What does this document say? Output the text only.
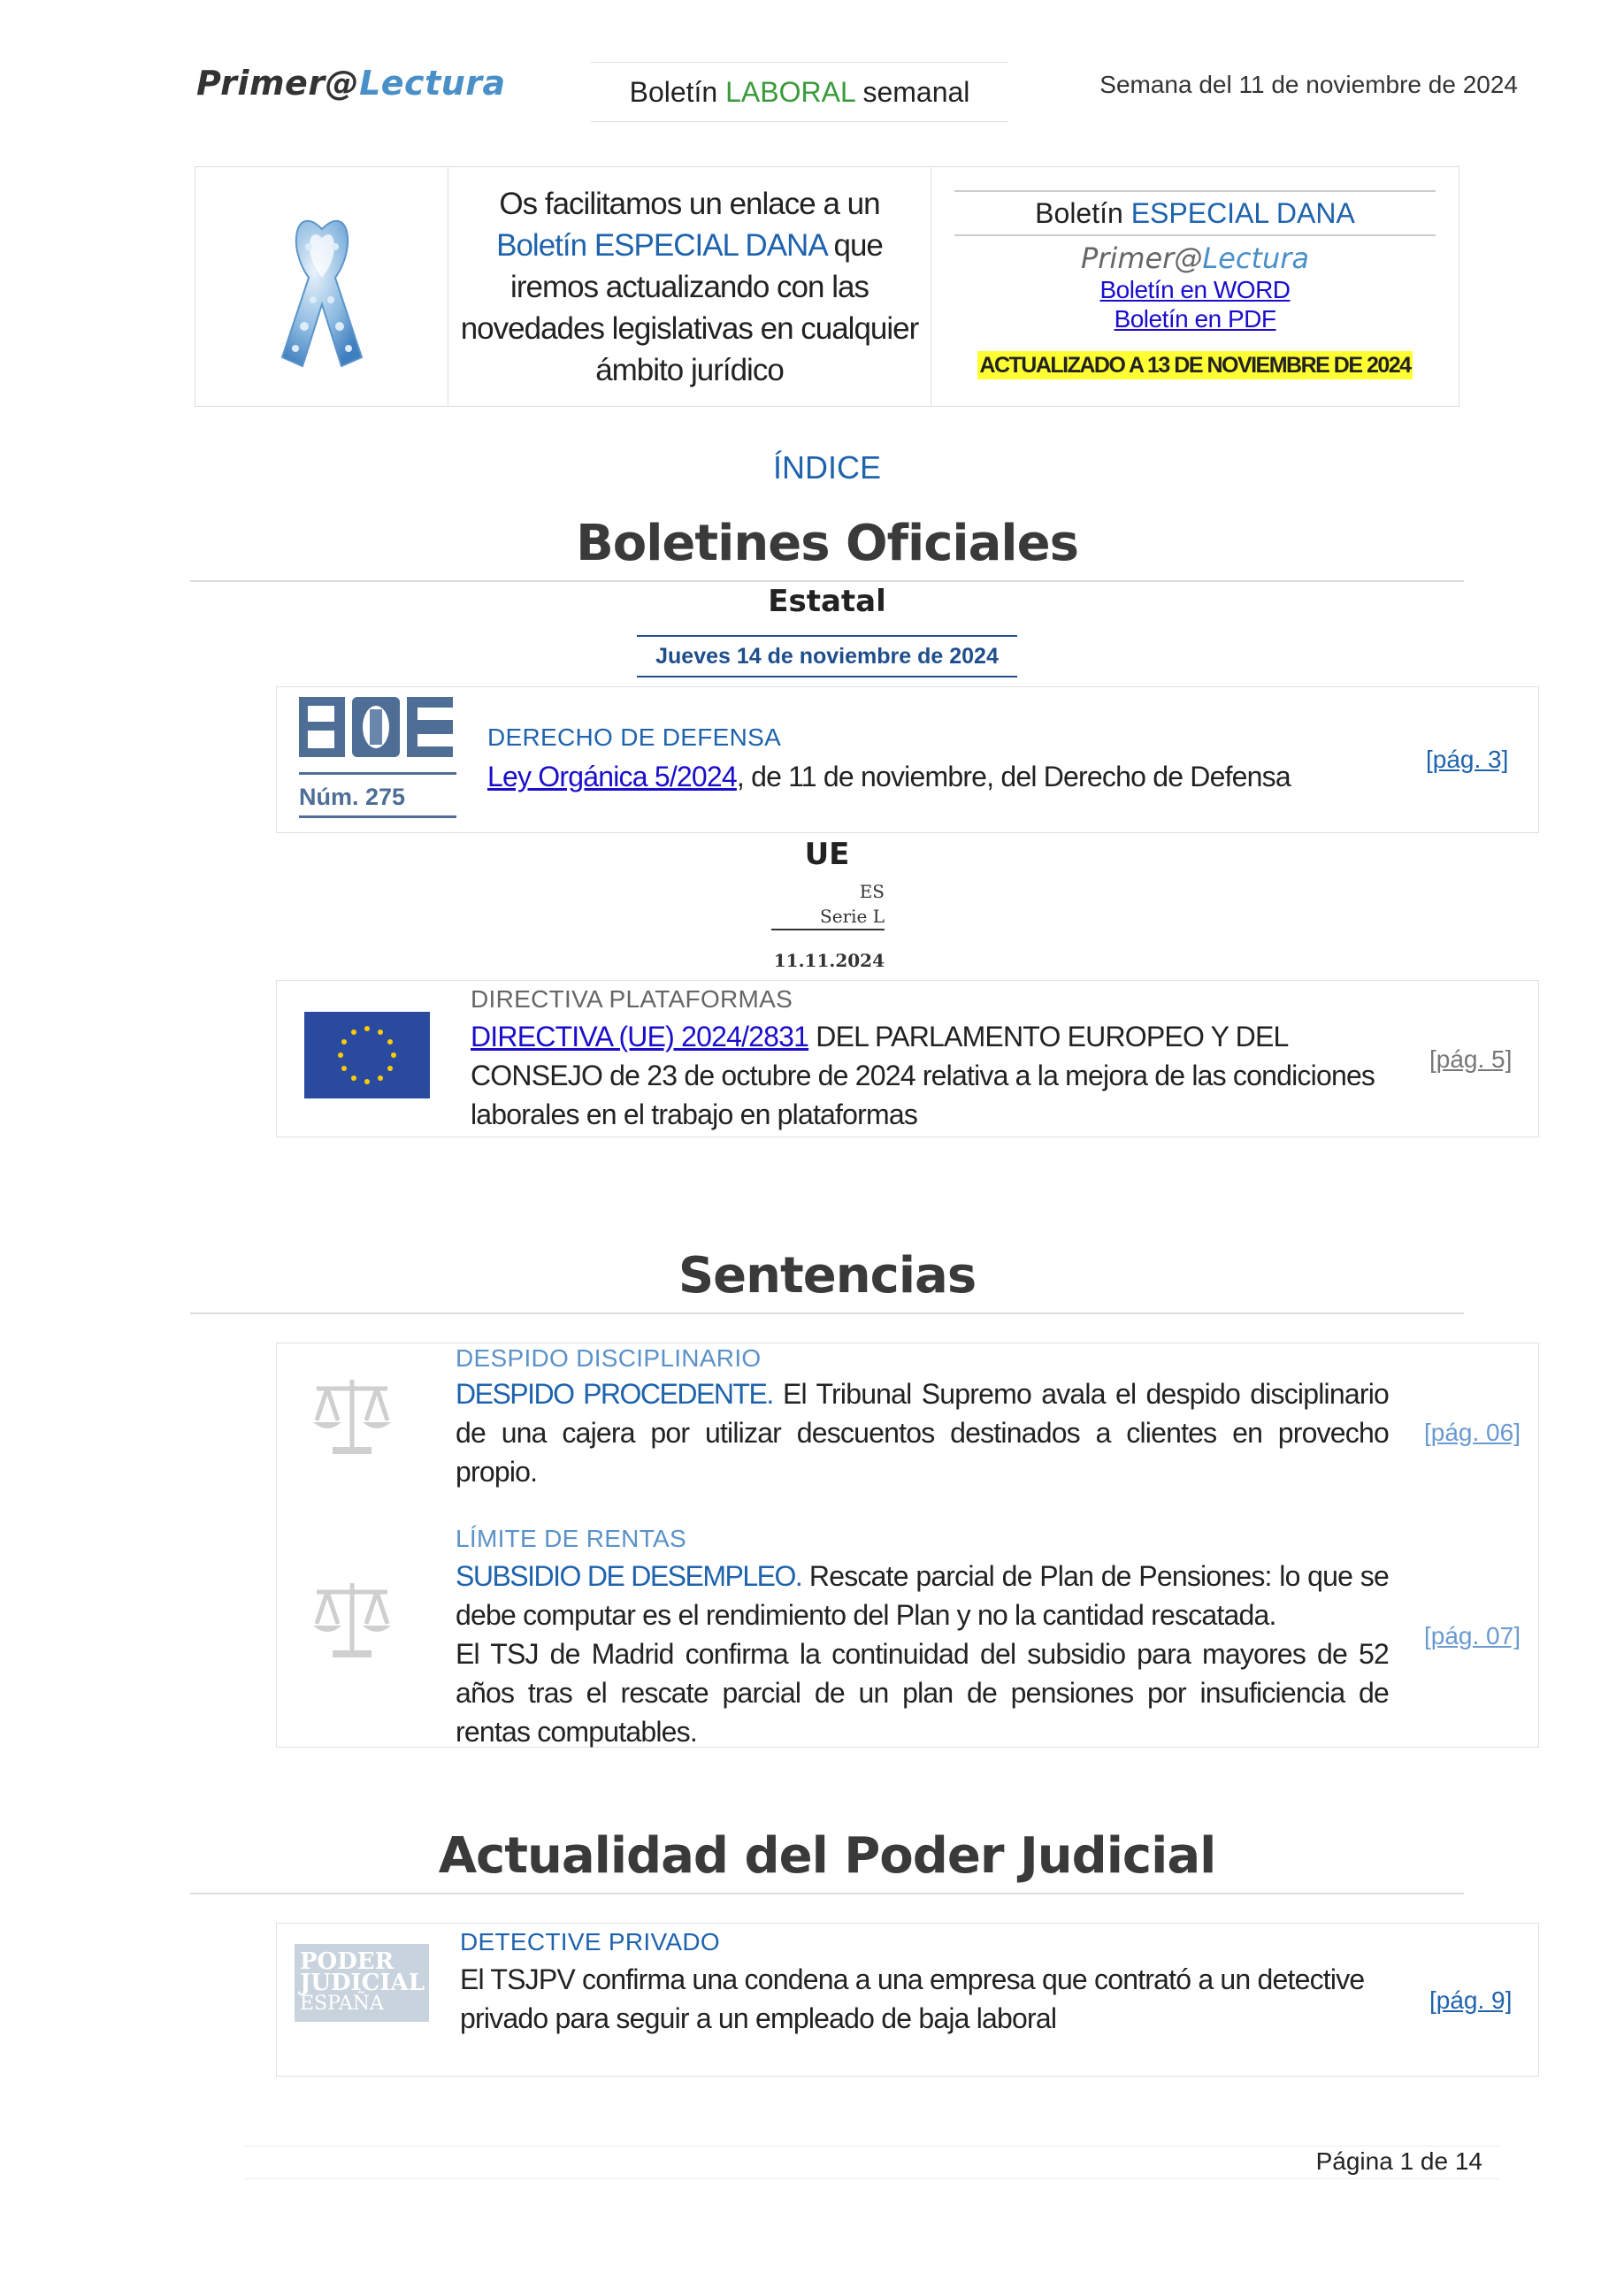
Primer@Lectura	Boletín LABORAL semanal	Semana del 11 de noviembre de 2024
Os facilitamos un enlace a un
Boletín ESPECIAL DANA que iremos actualizando con las novedades legislativas en cualquier ámbito jurídico
Boletín ESPECIAL DANA
Primer@Lectura
Boletín en WORD
Boletín en PDF
ACTUALIZADO A 13 DE NOVIEMBRE DE 2024
ÍNDICE
Boletines Oficiales
Estatal
Jueves 14 de noviembre de 2024
Núm. 275
DERECHO DE DEFENSA
Ley Orgánica 5/2024, de 11 de noviembre, del Derecho de Defensa
[pág. 3]
UE
ES
Serie L
11.11.2024
DIRECTIVA PLATAFORMAS
DIRECTIVA (UE) 2024/2831 DEL PARLAMENTO EUROPEO Y DEL CONSEJO de 23 de octubre de 2024 relativa a la mejora de las condiciones laborales en el trabajo en plataformas
[pág. 5]
Sentencias
DESPIDO DISCIPLINARIO
DESPIDO PROCEDENTE. El Tribunal Supremo avala el despido disciplinario de una cajera por utilizar descuentos destinados a clientes en provecho propio.
[pág. 06]
LÍMITE DE RENTAS
SUBSIDIO DE DESEMPLEO. Rescate parcial de Plan de Pensiones: lo que se debe computar es el rendimiento del Plan y no la cantidad rescatada.
El TSJ de Madrid confirma la continuidad del subsidio para mayores de 52 años tras el rescate parcial de un plan de pensiones por insuficiencia de rentas computables.
[pág. 07]
Actualidad del Poder Judicial
PODER
JUDICIAL
ESPAÑA
DETECTIVE PRIVADO
El TSJPV confirma una condena a una empresa que contrató a un detective privado para seguir a un empleado de baja laboral
[pág. 9]
Página 1 de 14
